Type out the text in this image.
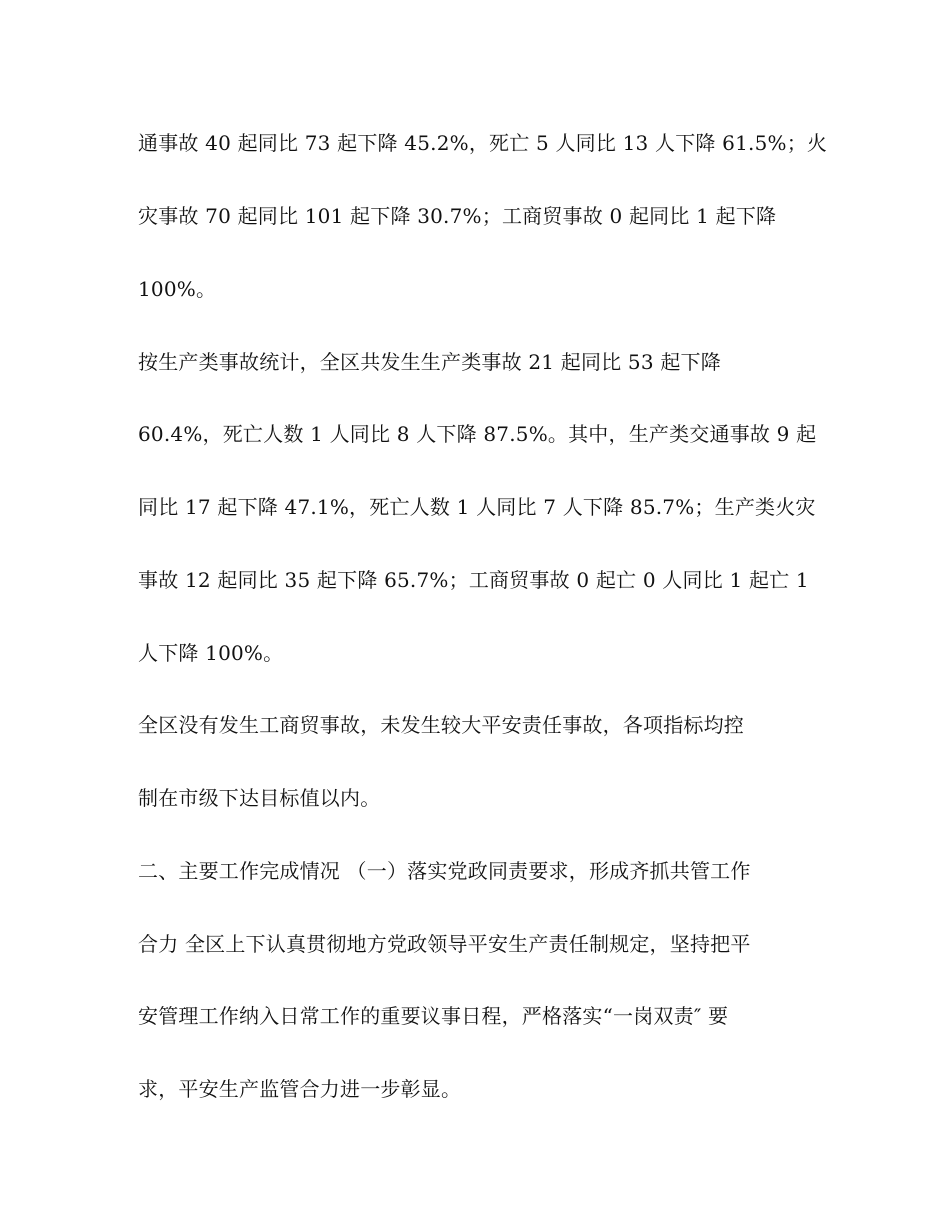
通事故 40 起同比 73 起下降 45.2%，死亡 5 人同比 13 人下降 61.5%；火
灾事故 70 起同比 101 起下降 30.7%；工商贸事故 0 起同比 1 起下降
100%。
按生产类事故统计，全区共发生生产类事故 21 起同比 53 起下降
60.4%，死亡人数 1 人同比 8 人下降 87.5%。其中，生产类交通事故 9 起
同比 17 起下降 47.1%，死亡人数 1 人同比 7 人下降 85.7%；生产类火灾
事故 12 起同比 35 起下降 65.7%；工商贸事故 0 起亡 0 人同比 1 起亡 1
人下降 100%。
全区没有发生工商贸事故，未发生较大平安责任事故，各项指标均控
制在市级下达目标值以内。
二、主要工作完成情况 （一）落实党政同责要求，形成齐抓共管工作
合力 全区上下认真贯彻地方党政领导平安生产责任制规定，坚持把平
安管理工作纳入日常工作的重要议事日程，严格落实“一岗双责″ 要
求，平安生产监管合力进一步彰显。
